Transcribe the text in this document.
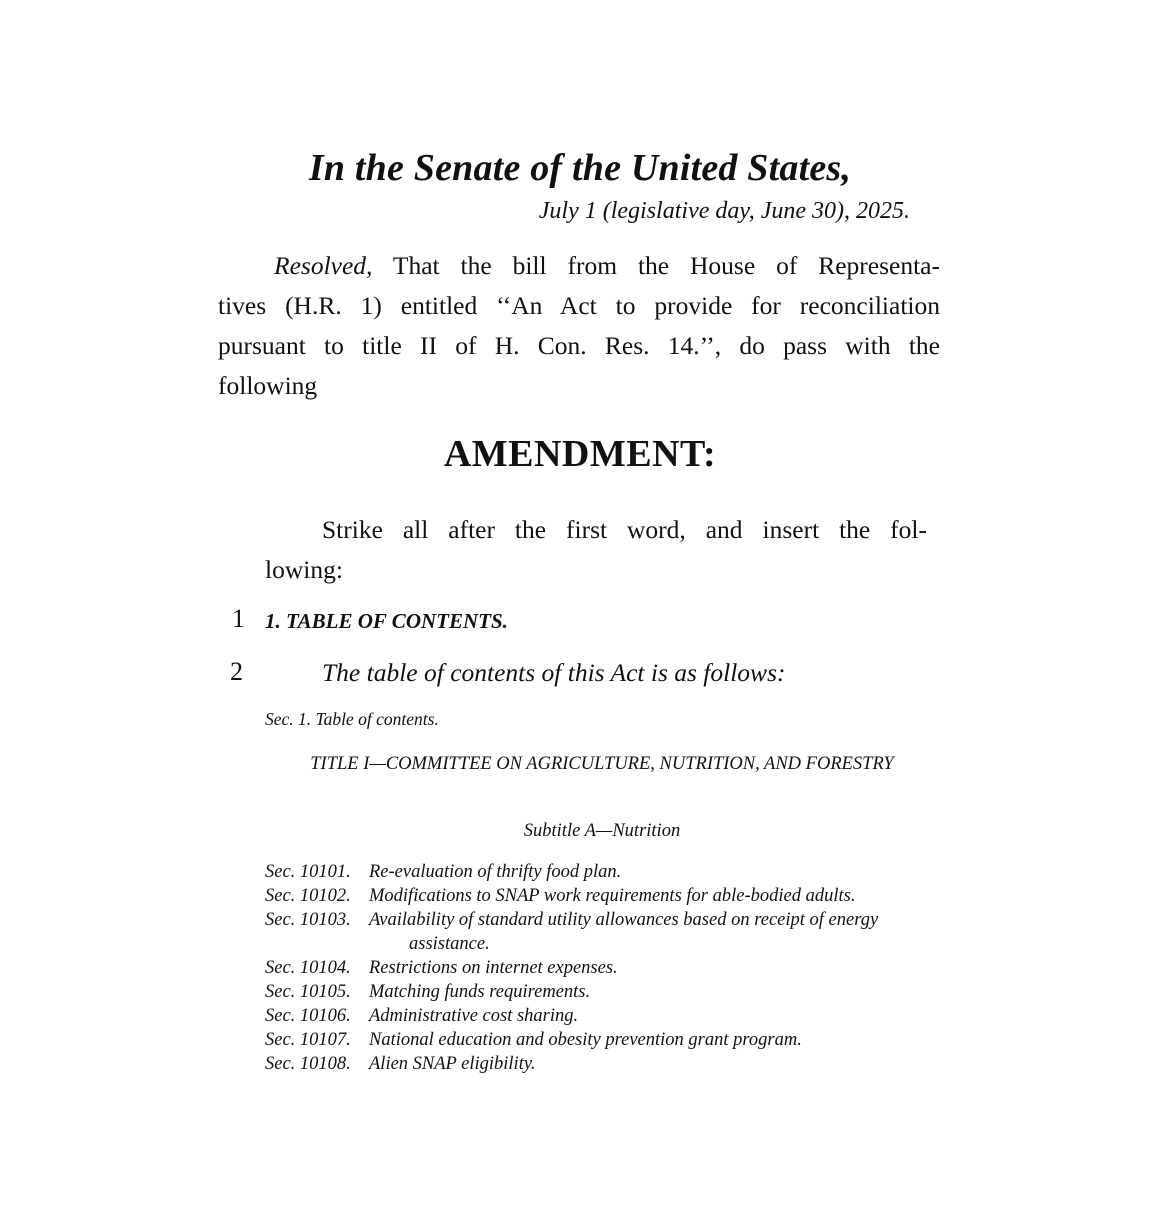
In the Senate of the United States,

July 1 (legislative day, June 30), 2025.

Resolved, That the bill from the House of Representa-
tives (H.R. 1) entitled ‘‘An Act to provide for reconciliation
pursuant to title II of H. Con. Res. 14.’’, do pass with the
following
AMENDMENT:
Strike all after the first word, and insert the fol-
lowing:
1
2

1. TABLE OF CONTENTS.

The table of contents of this Act is as follows:

Sec. 1. Table of contents.

TITLE I—COMMITTEE ON AGRICULTURE, NUTRITION, AND FORESTRY

Subtitle A—Nutrition

Sec. 10101. Re-evaluation of thrifty food plan.
Sec. 10102. Modifications to SNAP work requirements for able-bodied adults.
Sec. 10103. Availability of standard utility allowances based on receipt of energy
assistance.
Sec. 10104. Restrictions on internet expenses.
Sec. 10105. Matching funds requirements.
Sec. 10106. Administrative cost sharing.
Sec. 10107. National education and obesity prevention grant program.
Sec. 10108. Alien SNAP eligibility.
